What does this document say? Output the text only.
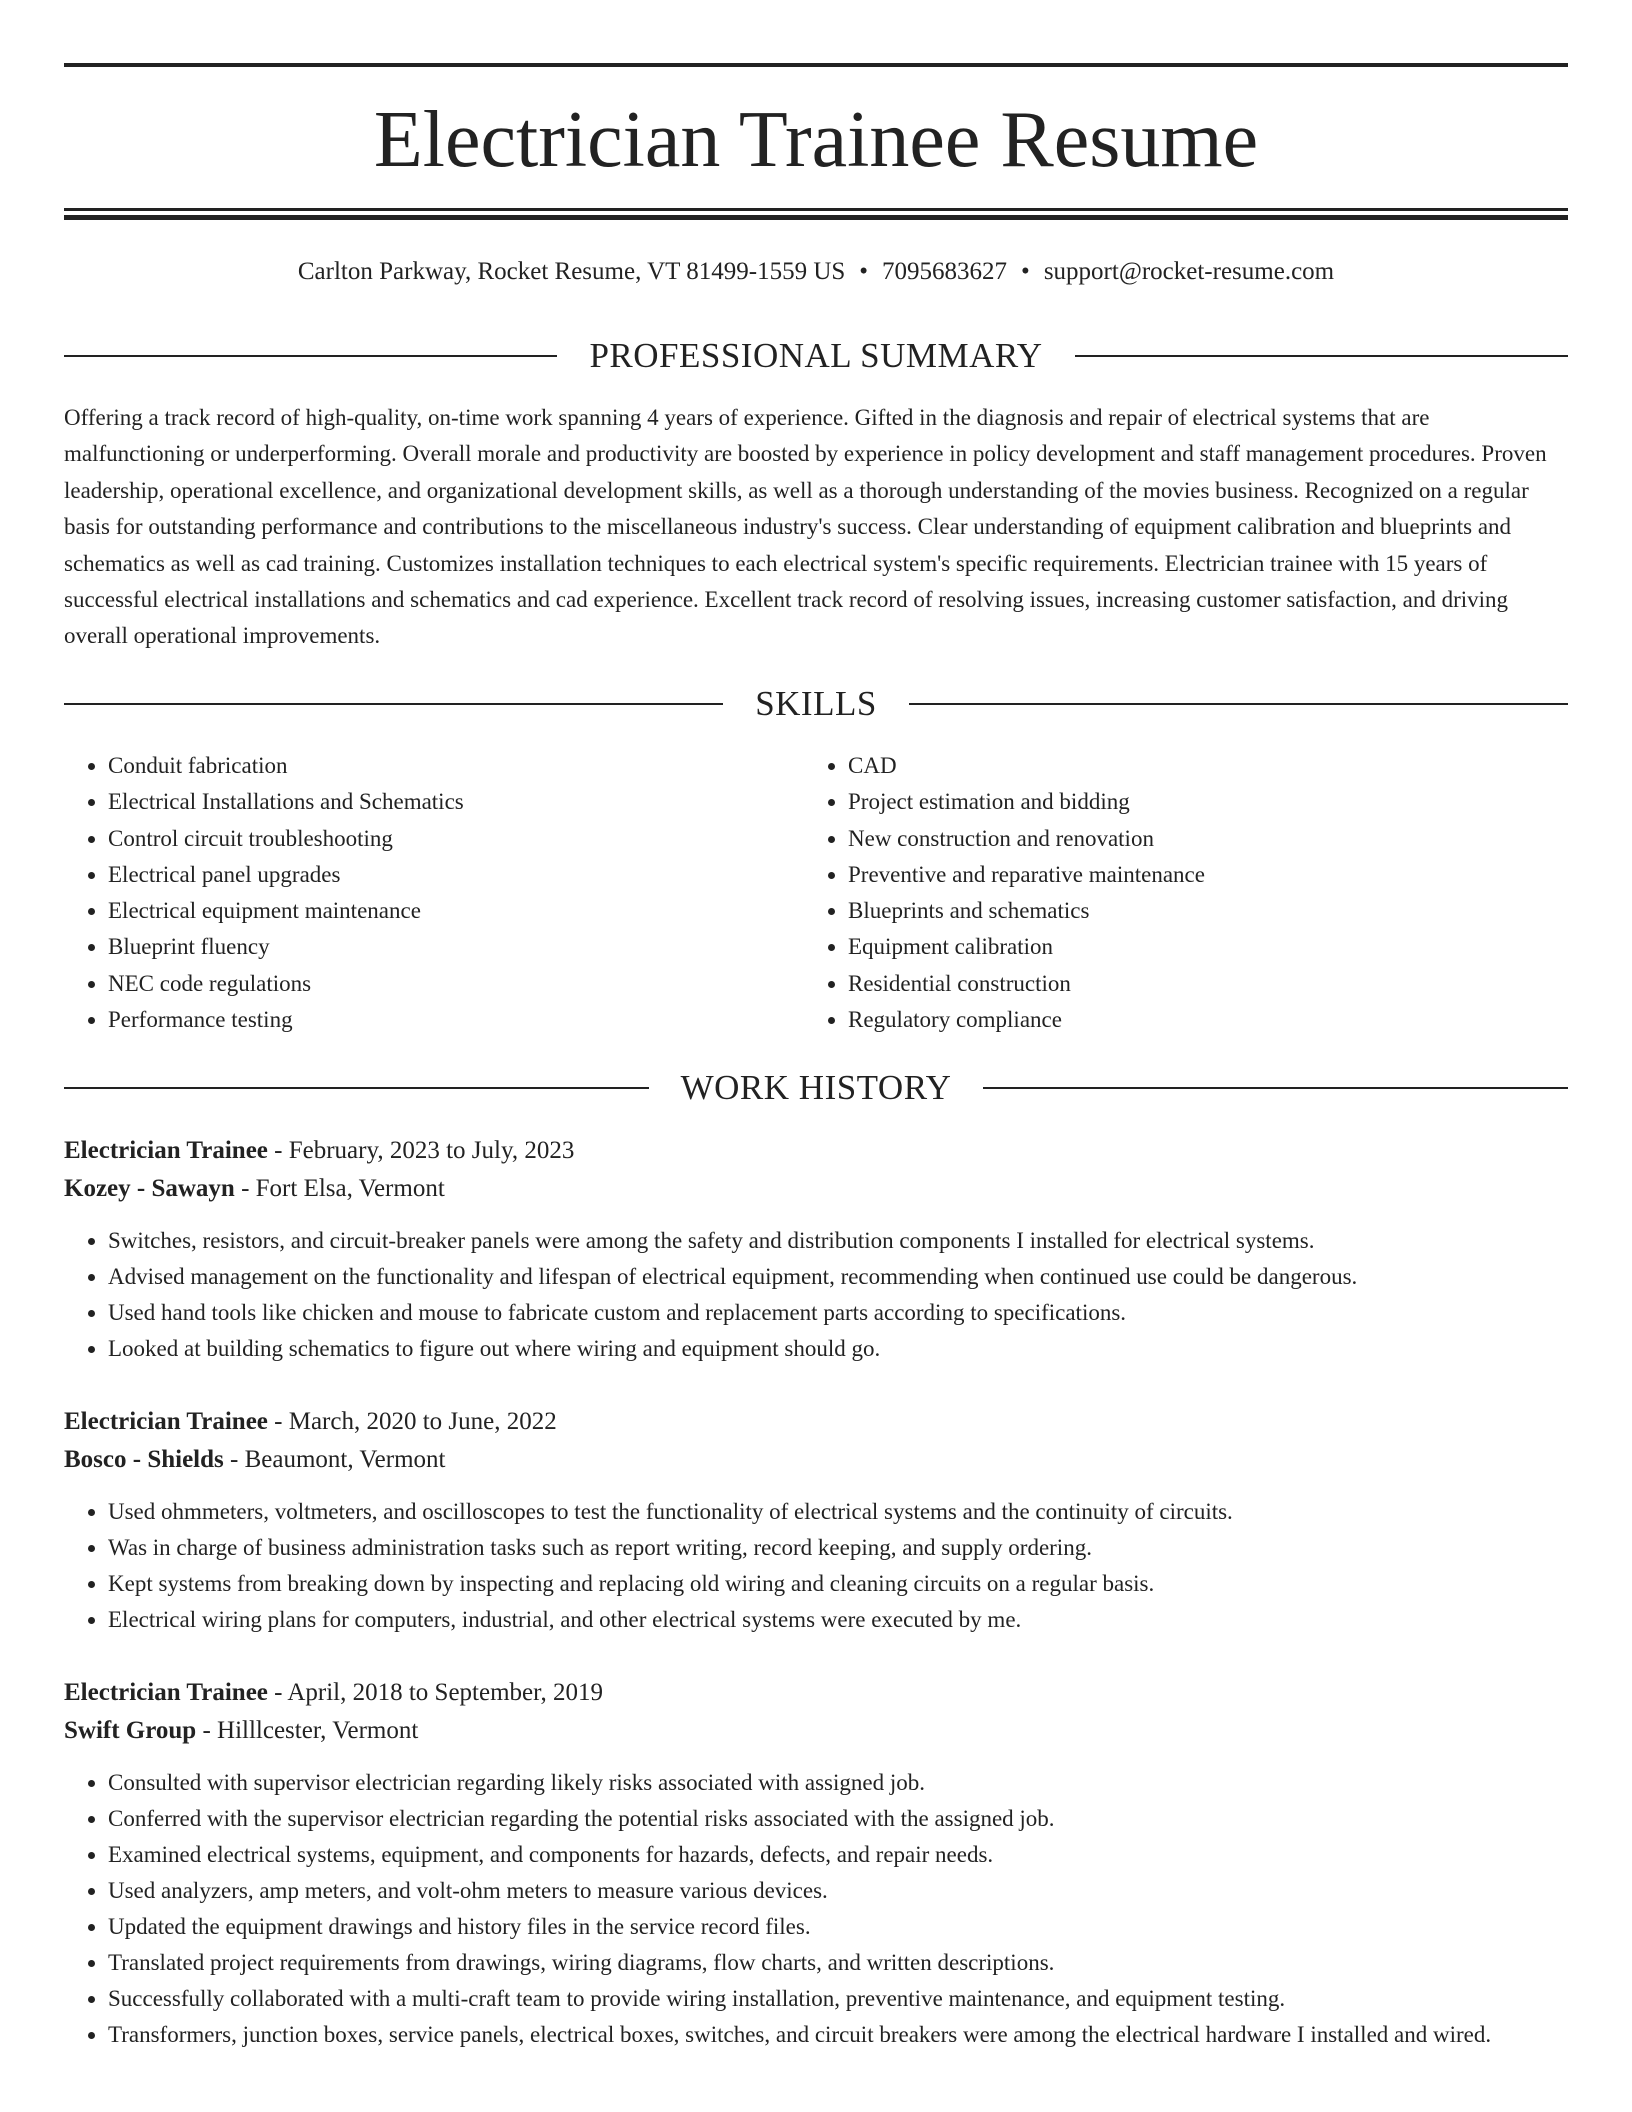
Electrician Trainee Resume
Carlton Parkway, Rocket Resume, VT 81499-1559 US • 7095683627 • support@rocket-resume.com
PROFESSIONAL SUMMARY

Offering a track record of high-quality, on-time work spanning 4 years of experience. Gifted in the diagnosis and repair of electrical systems that are malfunctioning or underperforming. Overall morale and productivity are boosted by experience in policy development and staff management procedures. Proven leadership, operational excellence, and organizational development skills, as well as a thorough understanding of the movies business. Recognized on a regular basis for outstanding performance and contributions to the miscellaneous industry's success. Clear understanding of equipment calibration and blueprints and schematics as well as cad training. Customizes installation techniques to each electrical system's specific requirements. Electrician trainee with 15 years of successful electrical installations and schematics and cad experience. Excellent track record of resolving issues, increasing customer satisfaction, and driving overall operational improvements.

SKILLS
• Conduit fabrication
• Electrical Installations and Schematics
• Control circuit troubleshooting
• Electrical panel upgrades
• Electrical equipment maintenance
• Blueprint fluency
• NEC code regulations
• Performance testing
• CAD
• Project estimation and bidding
• New construction and renovation
• Preventive and reparative maintenance
• Blueprints and schematics
• Equipment calibration
• Residential construction
• Regulatory compliance
WORK HISTORY
Electrician Trainee - February, 2023 to July, 2023
Kozey - Sawayn - Fort Elsa, Vermont
• Switches, resistors, and circuit-breaker panels were among the safety and distribution components I installed for electrical systems.
• Advised management on the functionality and lifespan of electrical equipment, recommending when continued use could be dangerous.
• Used hand tools like chicken and mouse to fabricate custom and replacement parts according to specifications.
• Looked at building schematics to figure out where wiring and equipment should go.
Electrician Trainee - March, 2020 to June, 2022
Bosco - Shields - Beaumont, Vermont
• Used ohmmeters, voltmeters, and oscilloscopes to test the functionality of electrical systems and the continuity of circuits.
• Was in charge of business administration tasks such as report writing, record keeping, and supply ordering.
• Kept systems from breaking down by inspecting and replacing old wiring and cleaning circuits on a regular basis.
• Electrical wiring plans for computers, industrial, and other electrical systems were executed by me.
Electrician Trainee - April, 2018 to September, 2019
Swift Group - Hilllcester, Vermont
• Consulted with supervisor electrician regarding likely risks associated with assigned job.
• Conferred with the supervisor electrician regarding the potential risks associated with the assigned job.
• Examined electrical systems, equipment, and components for hazards, defects, and repair needs.
• Used analyzers, amp meters, and volt-ohm meters to measure various devices.
• Updated the equipment drawings and history files in the service record files.
• Translated project requirements from drawings, wiring diagrams, flow charts, and written descriptions.
• Successfully collaborated with a multi-craft team to provide wiring installation, preventive maintenance, and equipment testing.
• Transformers, junction boxes, service panels, electrical boxes, switches, and circuit breakers were among the electrical hardware I installed and wired.
